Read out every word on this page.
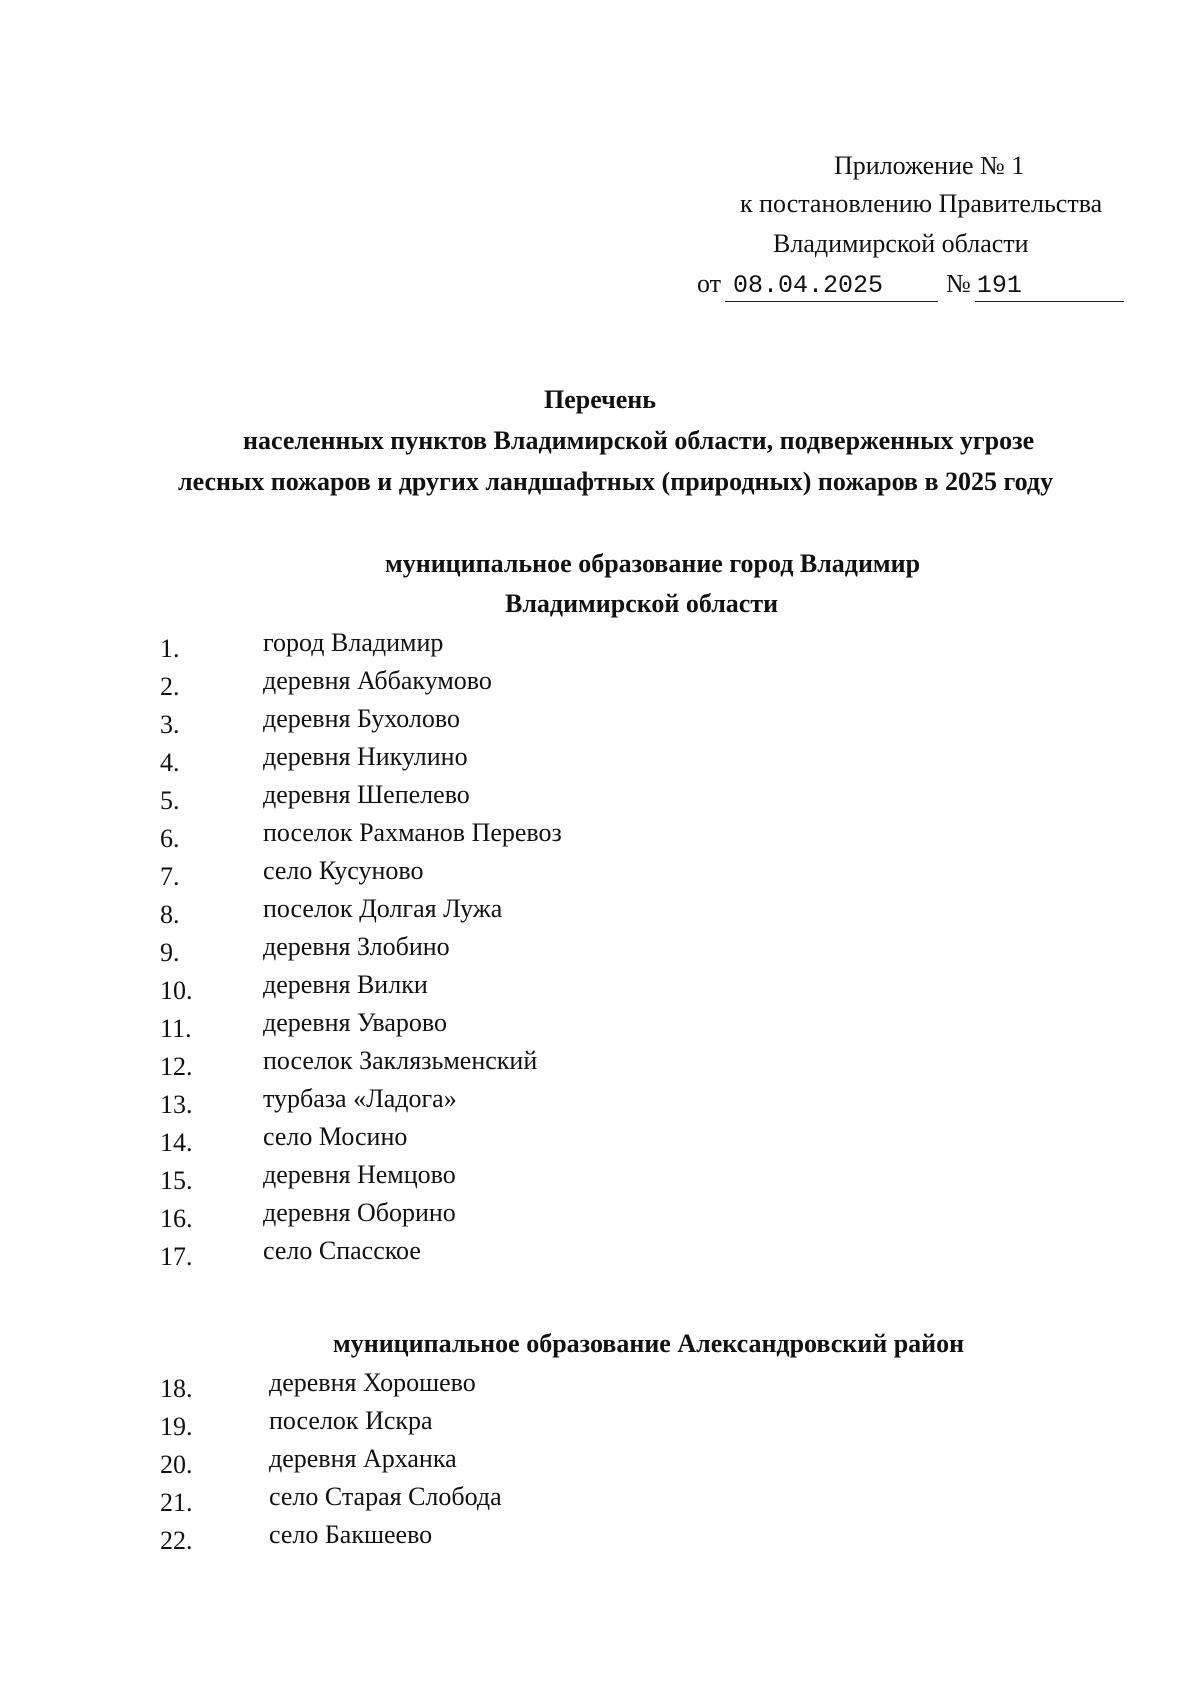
Приложение № 1
к постановлению Правительства
Владимирской области
от 08.04.2025 № 191
Перечень
населенных пунктов Владимирской области, подверженных угрозе
лесных пожаров и других ландшафтных (природных) пожаров в 2025 году
муниципальное образование город Владимир
Владимирской области
1.	город Владимир
2.	деревня Аббакумово
3.	деревня Бухолово
4.	деревня Никулино
5.	деревня Шепелево
6.	поселок Рахманов Перевоз
7.	село Кусуново
8.	поселок Долгая Лужа
9.	деревня Злобино
10.	деревня Вилки
11.	деревня Уварово
12.	поселок Заклязьменский
13.	турбаза «Ладога»
14.	село Мосино
15.	деревня Немцово
16.	деревня Оборино
17.	село Спасское
муниципальное образование Александровский район
18.	деревня Хорошево
19.	поселок Искра
20.	деревня Арханка
21.	село Старая Слобода
22.	село Бакшеево
